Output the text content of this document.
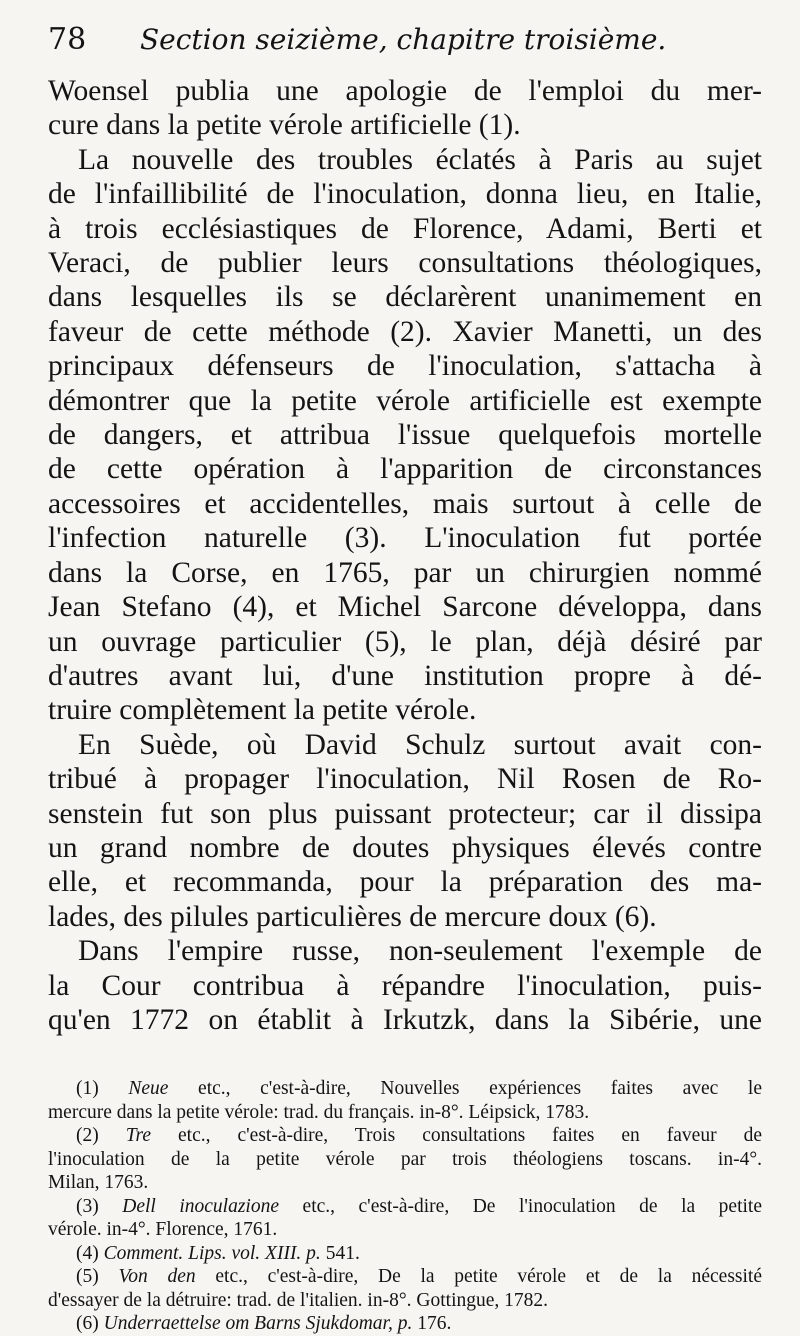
78	Section seizième, chapitre troisième.
Woensel publia une apologie de l'emploi du mer-
cure dans la petite vérole artificielle (1).
La nouvelle des troubles éclatés à Paris au sujet
de l'infaillibilité de l'inoculation, donna lieu, en Italie,
à trois ecclésiastiques de Florence, Adami, Berti et
Veraci, de publier leurs consultations théologiques,
dans lesquelles ils se déclarèrent unanimement en
faveur de cette méthode (2). Xavier Manetti, un des
principaux défenseurs de l'inoculation, s'attacha à
démontrer que la petite vérole artificielle est exempte
de dangers, et attribua l'issue quelquefois mortelle
de cette opération à l'apparition de circonstances
accessoires et accidentelles, mais surtout à celle de
l'infection naturelle (3). L'inoculation fut portée
dans la Corse, en 1765, par un chirurgien nommé
Jean Stefano (4), et Michel Sarcone développa, dans
un ouvrage particulier (5), le plan, déjà désiré par
d'autres avant lui, d'une institution propre à dé-
truire complètement la petite vérole.
En Suède, où David Schulz surtout avait con-
tribué à propager l'inoculation, Nil Rosen de Ro-
senstein fut son plus puissant protecteur; car il dissipa
un grand nombre de doutes physiques élevés contre
elle, et recommanda, pour la préparation des ma-
lades, des pilules particulières de mercure doux (6).
Dans l'empire russe, non-seulement l'exemple de
la Cour contribua à répandre l'inoculation, puis-
qu'en 1772 on établit à Irkutzk, dans la Sibérie, une
(1) Neue etc., c'est-à-dire, Nouvelles expériences faites avec le
mercure dans la petite vérole: trad. du français. in-8°. Léipsick, 1783.
(2) Tre etc., c'est-à-dire, Trois consultations faites en faveur de
l'inoculation de la petite vérole par trois théologiens toscans. in-4°.
Milan, 1763.
(3) Dell inoculazione etc., c'est-à-dire, De l'inoculation de la petite
vérole. in-4°. Florence, 1761.
(4) Comment. Lips. vol. XIII. p. 541.
(5) Von den etc., c'est-à-dire, De la petite vérole et de la nécessité
d'essayer de la détruire: trad. de l'italien. in-8°. Gottingue, 1782.
(6) Underraettelse om Barns Sjukdomar, p. 176.
